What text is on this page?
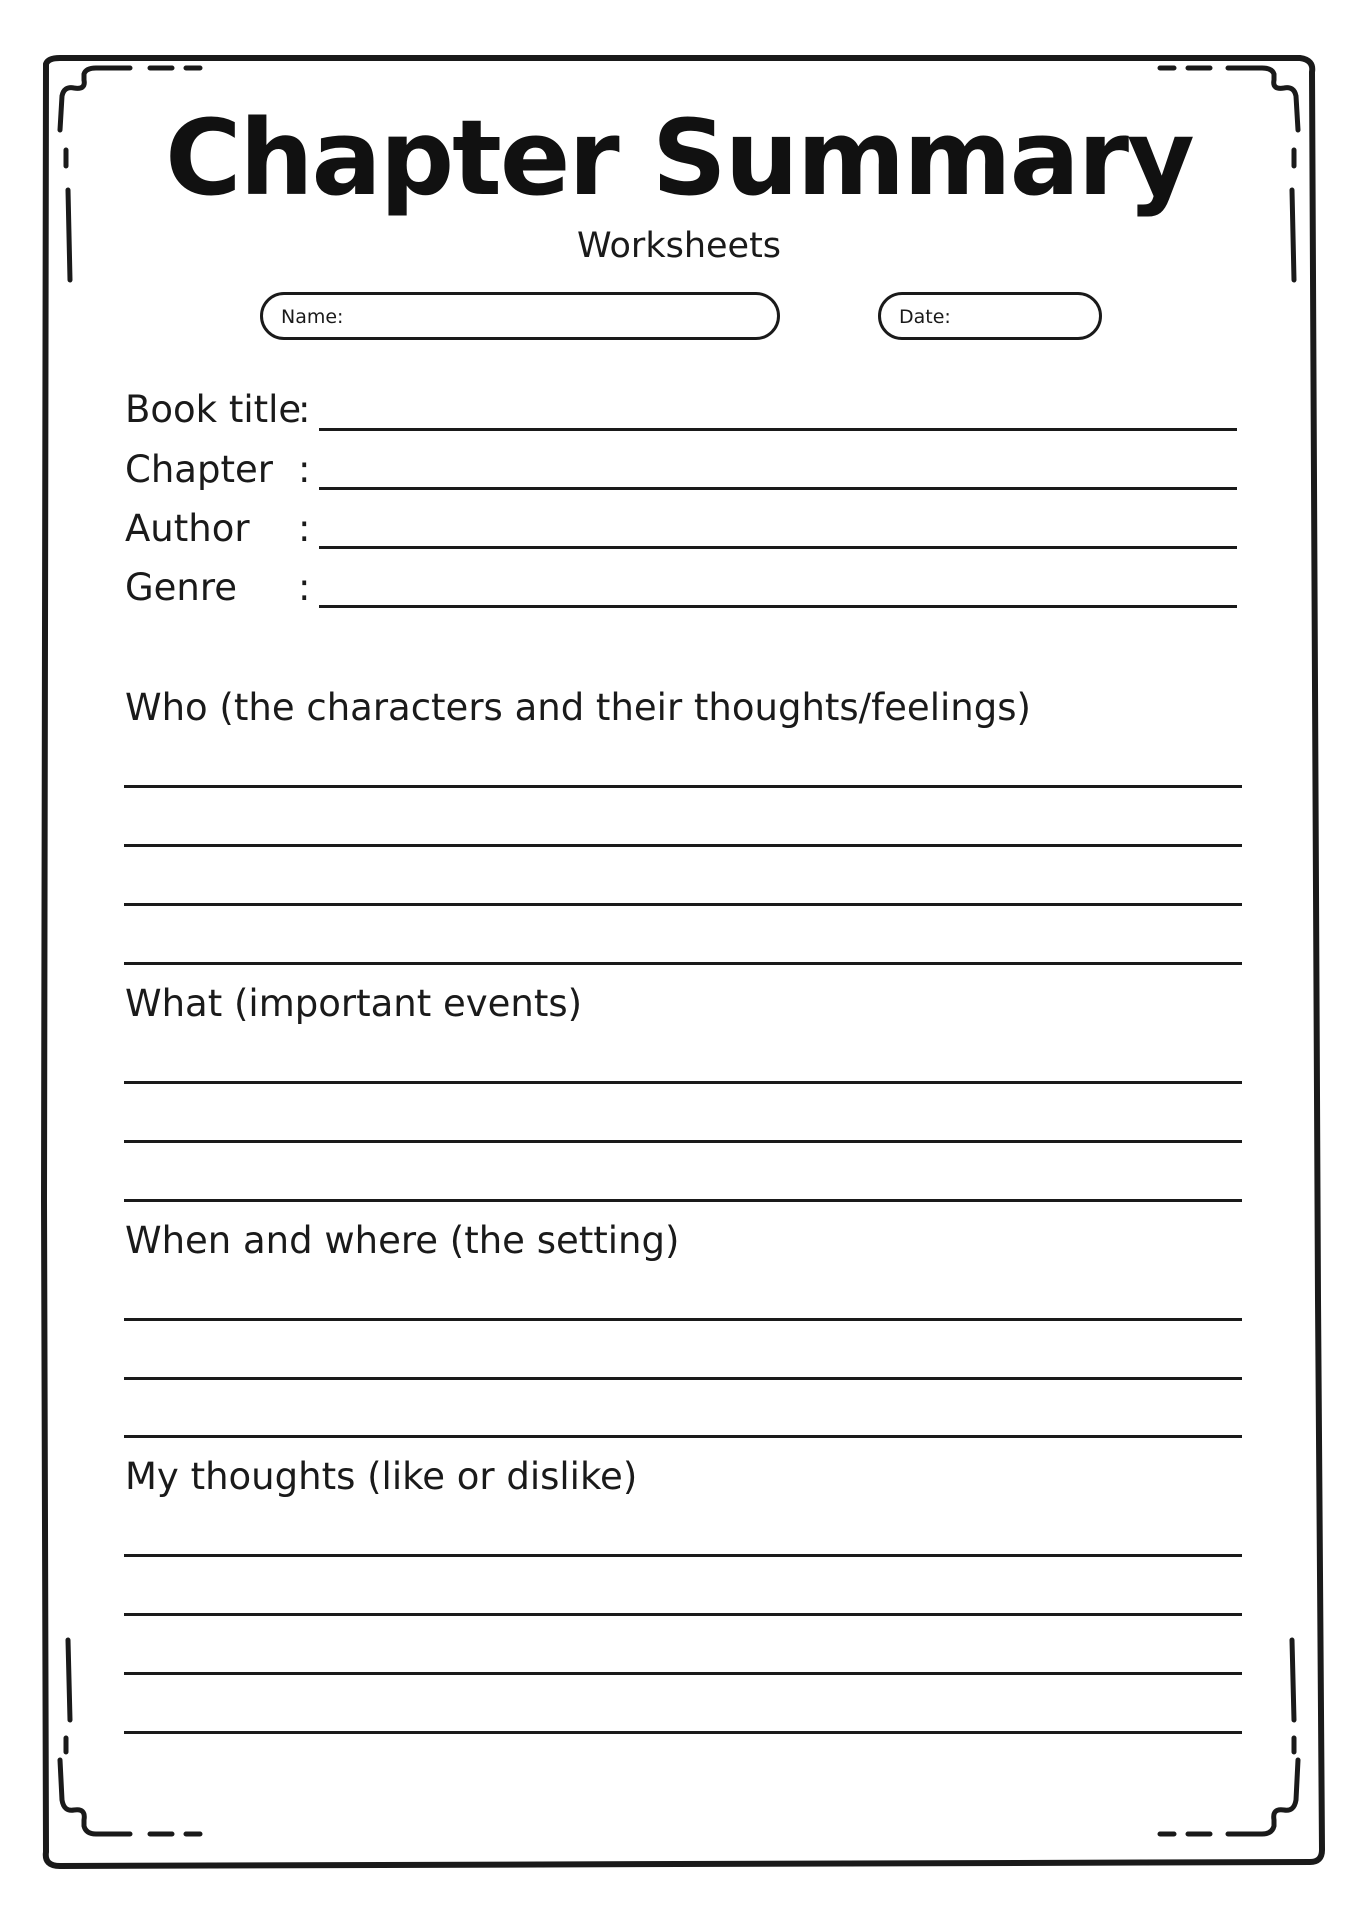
Chapter Summary
Worksheets
Name:	Date:
Book title
:
Chapter :
Author :
Genre :
Who (the characters and their thoughts/feelings)
What (important events)
When and where (the setting)
My thoughts (like or dislike)
